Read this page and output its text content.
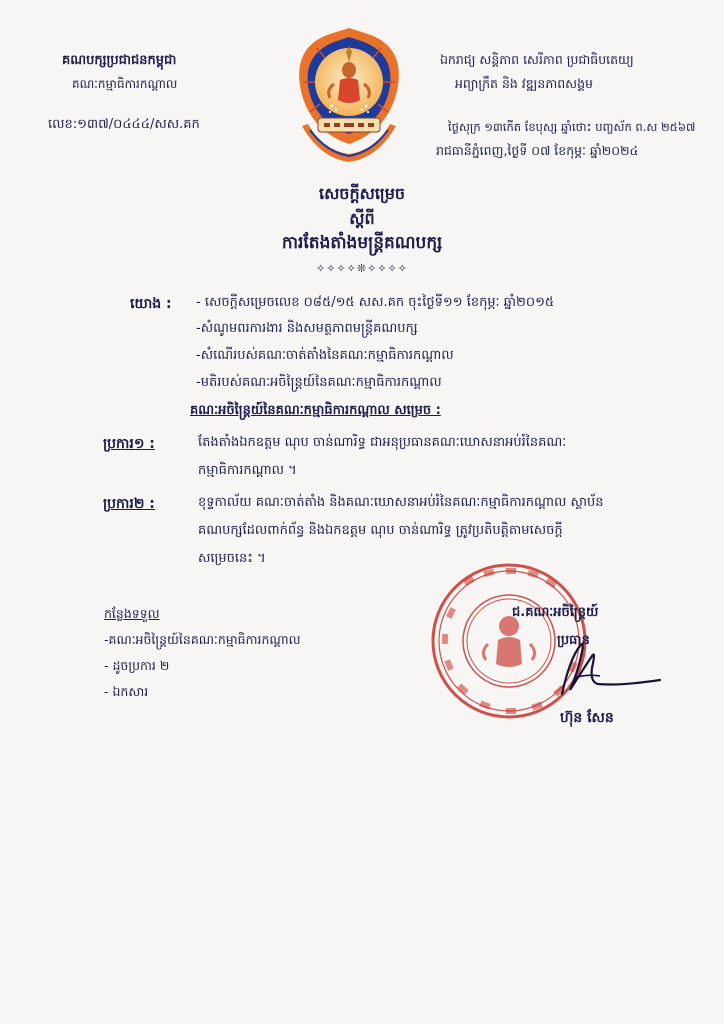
គណបក្សប្រជាជនកម្ពុជា
គណៈកម្មាធិការកណ្តាល
លេខ:១៣៧/០៤៤៤/សស.គក
ឯករាជ្យ សន្តិភាព សេរីភាព ប្រជាធិបតេយ្យ
អព្យាក្រឹត និង វឌ្ឍនភាពសង្គម
ថ្ងៃសុក្រ ១៣កើត ខែបុស្ស ឆ្នាំថោះ បញ្ចស័ក ព.ស ២៥៦៧
រាជធានីភ្នំពេញ,ថ្ងៃទី ០៧ ខែកុម្ភៈ ឆ្នាំ២០២៤
សេចក្តីសម្រេច
ស្តីពី
ការតែងតាំងមន្ត្រីគណបក្ស
✧✧✧✧❊✧✧✧✧
យោង : - សេចក្តីសម្រេចលេខ ០៨៥/១៥ សស.គក ចុះថ្ងៃទី១១ ខែកុម្ភៈ ឆ្នាំ២០១៥
-សំណូមពរការងារ និងសមត្ថភាពមន្ត្រីគណបក្ស
-សំណើរបស់គណៈចាត់តាំងនៃគណៈកម្មាធិការកណ្តាល
-មតិរបស់គណៈអចិន្ត្រៃយ៍នៃគណៈកម្មាធិការកណ្តាល
គណៈអចិន្ត្រៃយ៍នៃគណៈកម្មាធិការកណ្តាល សម្រេច :
ប្រការ១ :	តែងតាំងឯកឧត្តម ណុប ចាន់ណារិទ្ធ ជាអនុប្រធានគណៈឃោសនាអប់រំនៃគណៈ
កម្មាធិការកណ្តាល ។
ប្រការ២ :	ខុទ្ទកាល័យ គណៈចាត់តាំង និងគណៈឃោសនាអប់រំនៃគណៈកម្មាធិការកណ្តាល ស្ថាប័ន
គណបក្សដែលពាក់ព័ន្ធ និងឯកឧត្តម ណុប ចាន់ណារិទ្ធ ត្រូវប្រតិបត្តិតាមសេចក្តី
សម្រេចនេះ ។
កន្លែងទទួល
-គណៈអចិន្ត្រៃយ៍នៃគណៈកម្មាធិការកណ្តាល
- ដូចប្រការ ២
- ឯកសារ
ជ.គណៈអចិន្ត្រៃយ៍
ប្រធាន
ហ៊ុន សែន
